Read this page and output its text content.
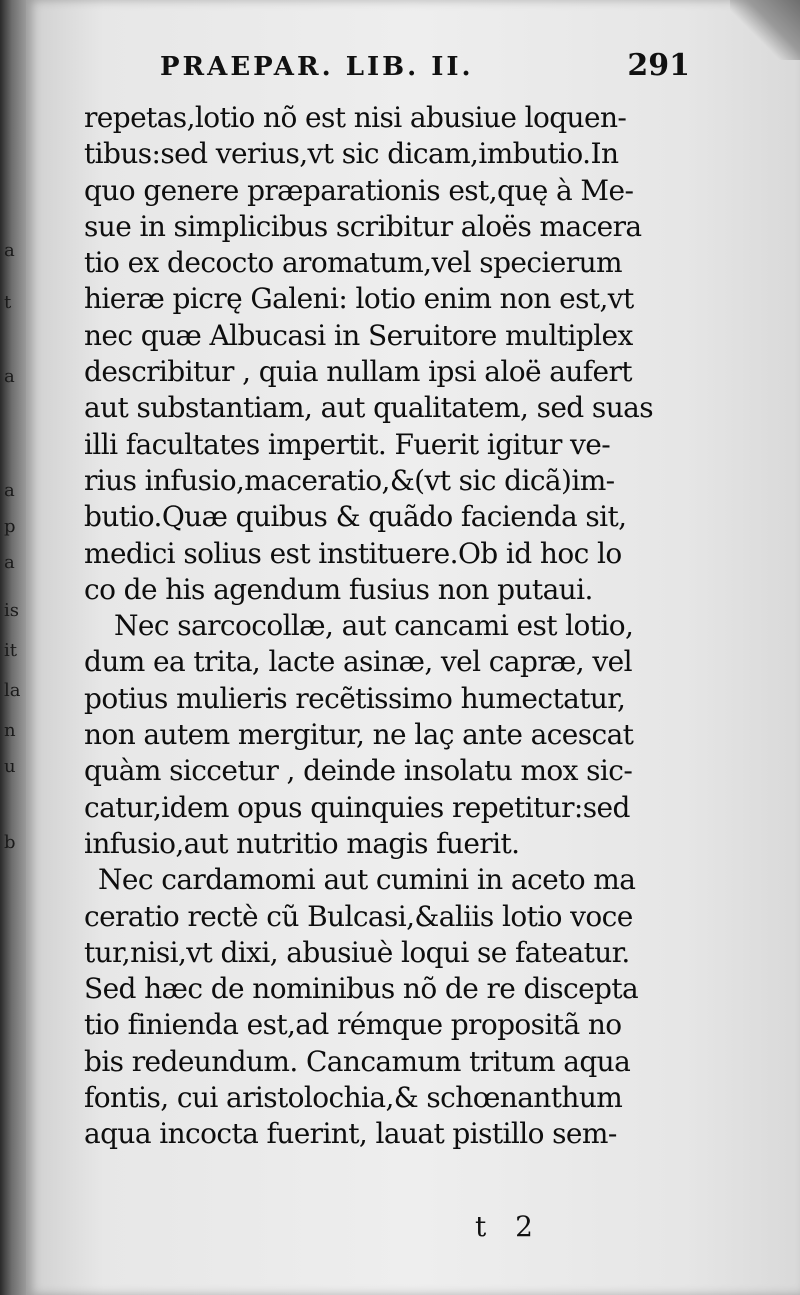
a
t
a
a
p
a
is
it
la
n
u
b
PRAEPAR. LIB. II.	291
repetas,lotio nõ est nisi abusiue loquen-
tibus:sed verius,vt sic dicam,imbutio.In
quo genere præparationis est,quę à Me-
sue in simplicibus scribitur aloës macera
tio ex decocto aromatum,vel specierum
hieræ picrę Galeni: lotio enim non est,vt
nec quæ Albucasi in Seruitore multiplex
describitur , quia nullam ipsi aloë aufert
aut substantiam, aut qualitatem, sed suas
illi facultates impertit. Fuerit igitur ve-
rius infusio,maceratio,&(vt sic dicã)im-
butio.Quæ quibus & quãdo facienda sit,
medici solius est instituere.Ob id hoc lo
co de his agendum fusius non putaui.
Nec sarcocollæ, aut cancami est lotio,
dum ea trita, lacte asinæ, vel capræ, vel
potius mulieris recẽtissimo humectatur,
non autem mergitur, ne laç ante acescat
quàm siccetur , deinde insolatu mox sic-
catur,idem opus quinquies repetitur:sed
infusio,aut nutritio magis fuerit.
Nec cardamomi aut cumini in aceto ma
ceratio rectè cũ Bulcasi,&aliis lotio voce
tur,nisi,vt dixi, abusiuè loqui se fateatur.
Sed hæc de nominibus nõ de re discepta
tio finienda est,ad rémque propositã no
bis redeundum. Cancamum tritum aqua
fontis, cui aristolochia,& schœnanthum
aqua incocta fuerint, lauat pistillo sem-
t 2
